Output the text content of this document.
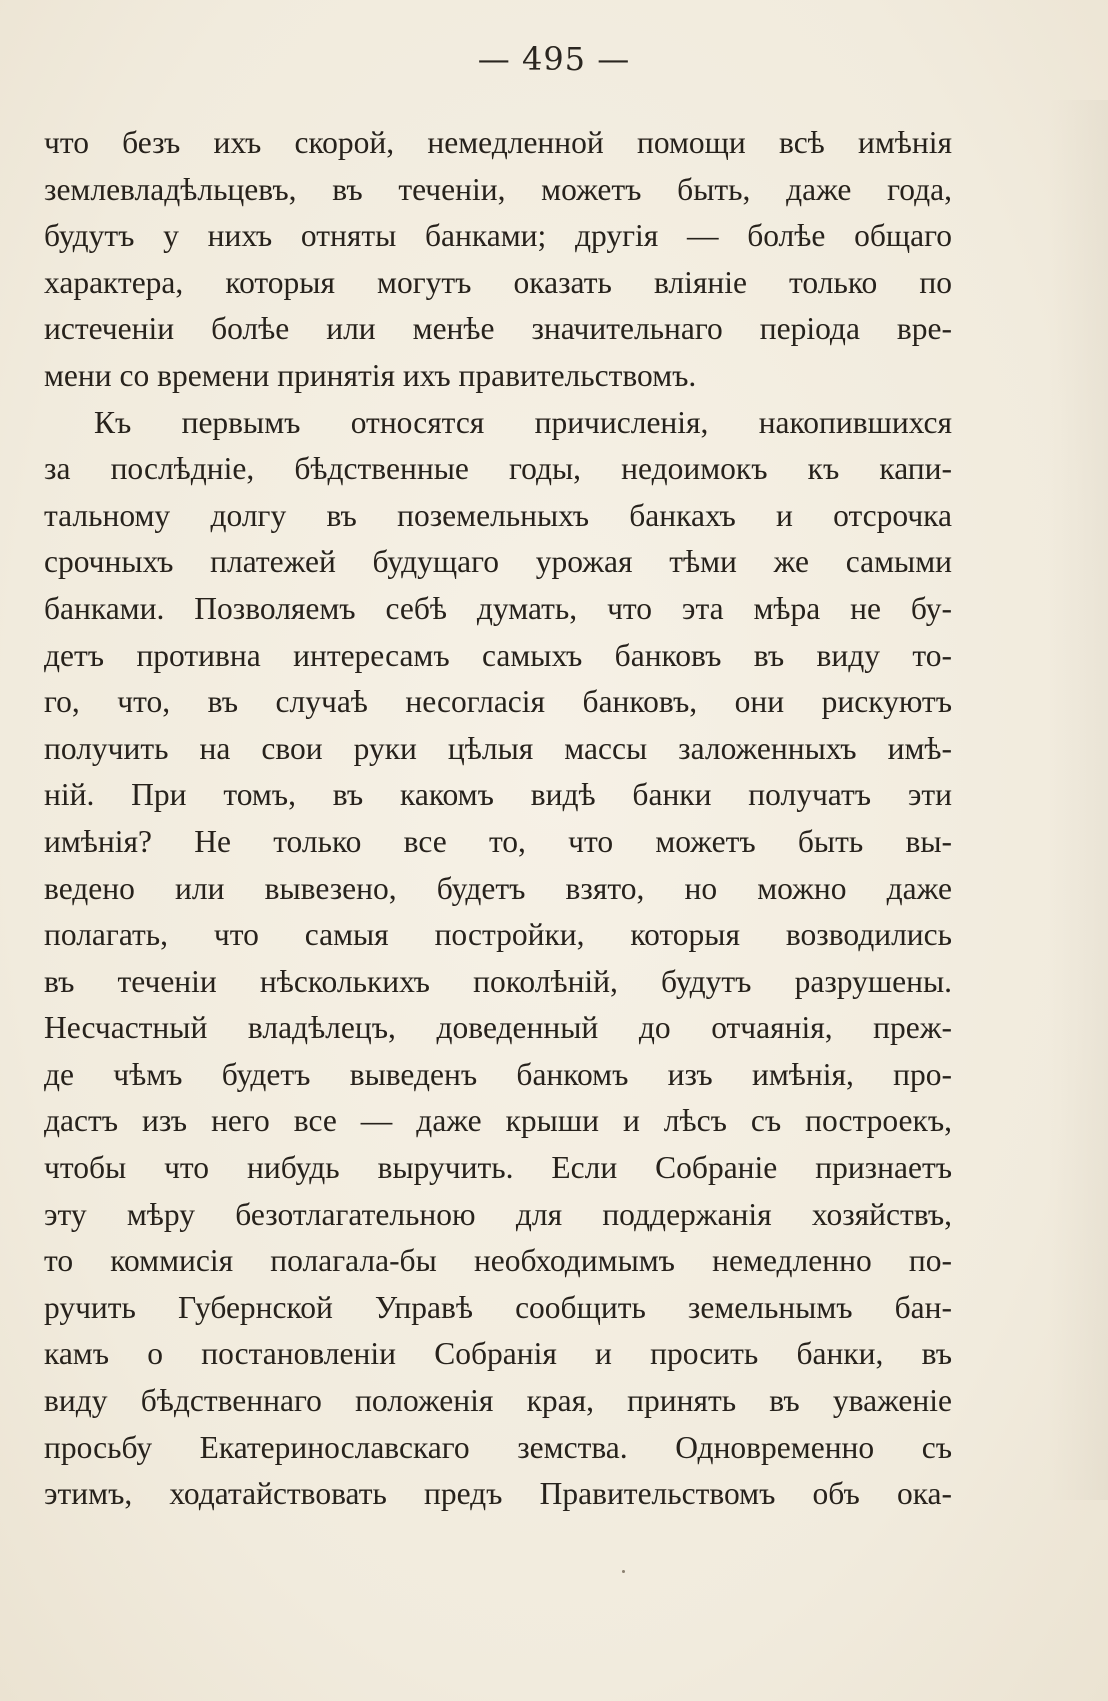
— 495 —
что безъ ихъ скорой, немедленной помощи всѣ имѣнія
землевладѣльцевъ, въ теченіи, можетъ быть, даже года,
будутъ у нихъ отняты банками; другія — болѣе общаго
характера, которыя могутъ оказать вліяніе только по
истеченіи болѣе или менѣе значительнаго періода вре-
мени со времени принятія ихъ правительствомъ.
Къ первымъ относятся причисленія, накопившихся
за послѣдніе, бѣдственные годы, недоимокъ къ капи-
тальному долгу въ поземельныхъ банкахъ и отсрочка
срочныхъ платежей будущаго урожая тѣми же самыми
банками. Позволяемъ себѣ думать, что эта мѣра не бу-
детъ противна интересамъ самыхъ банковъ въ виду то-
го, что, въ случаѣ несогласія банковъ, они рискуютъ
получить на свои руки цѣлыя массы заложенныхъ имѣ-
ній. При томъ, въ какомъ видѣ банки получатъ эти
имѣнія? Не только все то, что можетъ быть вы-
ведено или вывезено, будетъ взято, но можно даже
полагать, что самыя постройки, которыя возводились
въ теченіи нѣсколькихъ поколѣній, будутъ разрушены.
Несчастный владѣлецъ, доведенный до отчаянія, преж-
де чѣмъ будетъ выведенъ банкомъ изъ имѣнія, про-
дастъ изъ него все — даже крыши и лѣсъ съ построекъ,
чтобы что нибудь выручить. Если Собраніе признаетъ
эту мѣру безотлагательною для поддержанія хозяйствъ,
то коммисія полагала-бы необходимымъ немедленно по-
ручить Губернской Управѣ сообщить земельнымъ бан-
камъ о постановленіи Собранія и просить банки, въ
виду бѣдственнаго положенія края, принять въ уваженіе
просьбу Екатеринославскаго земства. Одновременно съ
этимъ, ходатайствовать предъ Правительствомъ объ ока-
